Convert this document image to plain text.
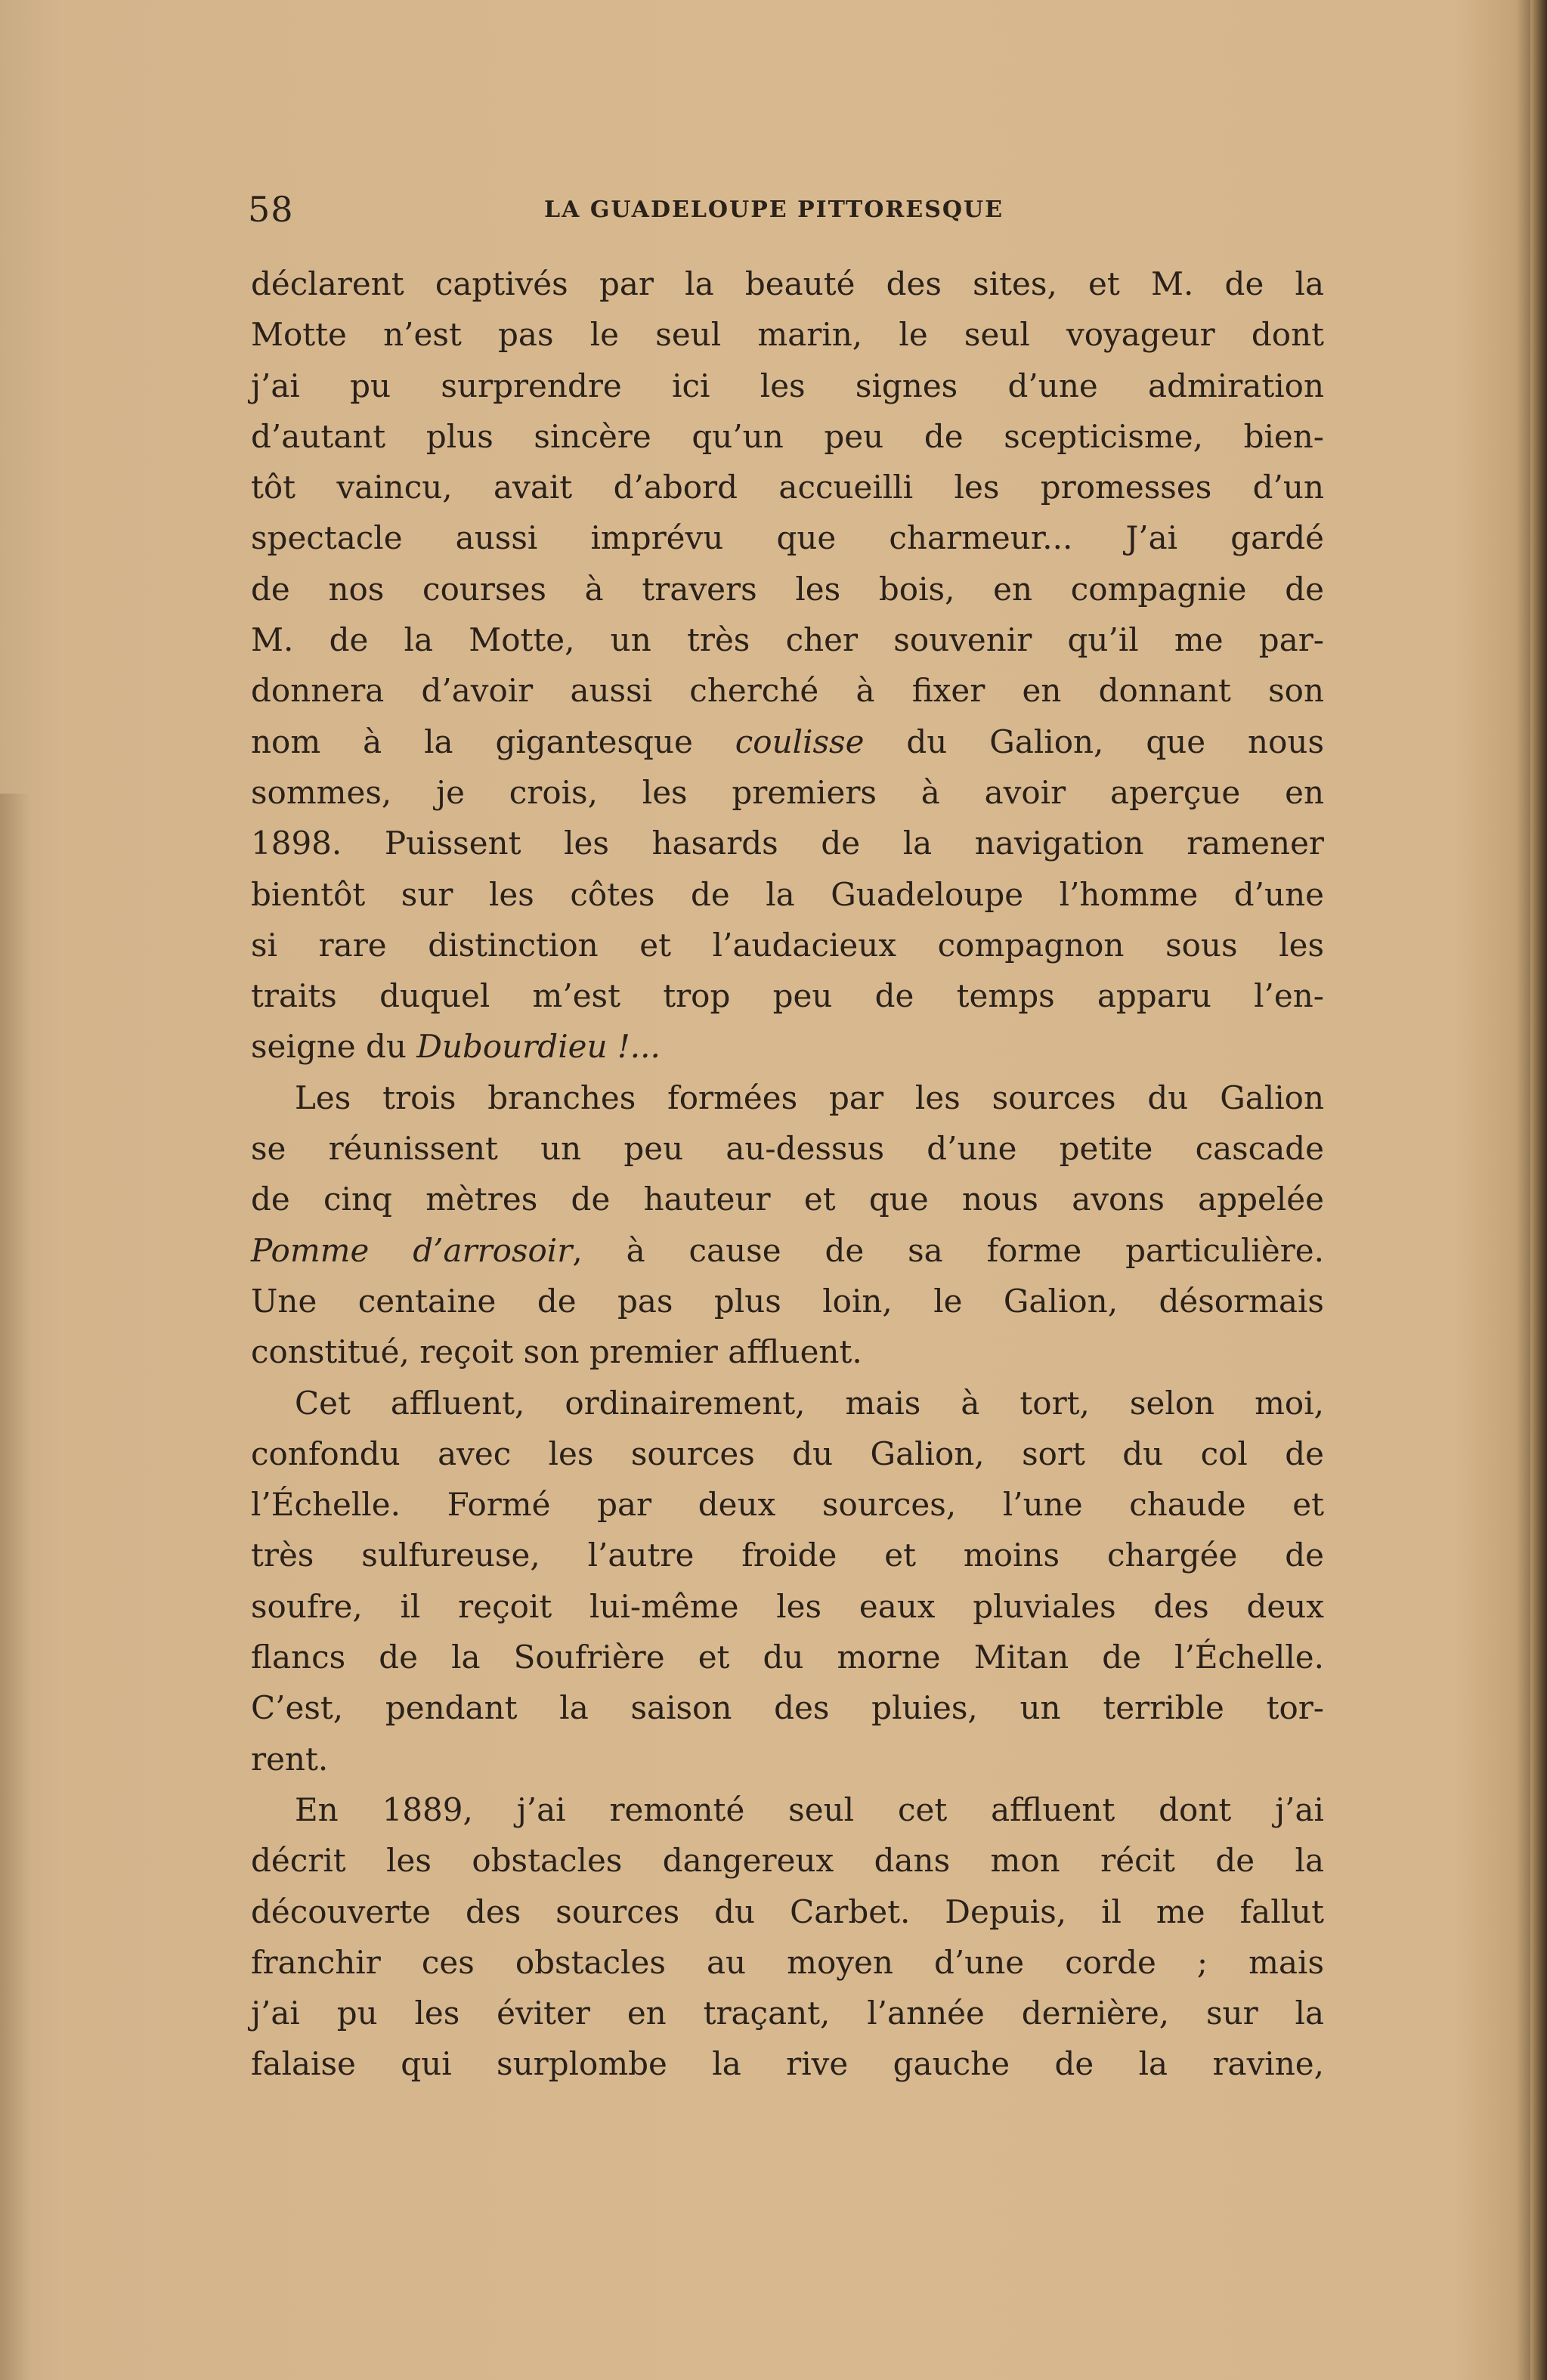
58	LA GUADELOUPE PITTORESQUE
déclarent captivés par la beauté des sites, et M. de la
Motte n’est pas le seul marin, le seul voyageur dont
j’ai pu surprendre ici les signes d’une admiration
d’autant plus sincère qu’un peu de scepticisme, bien-
tôt vaincu, avait d’abord accueilli les promesses d’un
spectacle aussi imprévu que charmeur... J’ai gardé
de nos courses à travers les bois, en compagnie de
M. de la Motte, un très cher souvenir qu’il me par-
donnera d’avoir aussi cherché à fixer en donnant son
nom à la gigantesque coulisse du Galion, que nous
sommes, je crois, les premiers à avoir aperçue en
1898. Puissent les hasards de la navigation ramener
bientôt sur les côtes de la Guadeloupe l’homme d’une
si rare distinction et l’audacieux compagnon sous les
traits duquel m’est trop peu de temps apparu l’en-
seigne du Dubourdieu !...
Les trois branches formées par les sources du Galion
se réunissent un peu au-dessus d’une petite cascade
de cinq mètres de hauteur et que nous avons appelée
Pomme d’arrosoir, à cause de sa forme particulière.
Une centaine de pas plus loin, le Galion, désormais
constitué, reçoit son premier affluent.
Cet affluent, ordinairement, mais à tort, selon moi,
confondu avec les sources du Galion, sort du col de
l’Échelle. Formé par deux sources, l’une chaude et
très sulfureuse, l’autre froide et moins chargée de
soufre, il reçoit lui-même les eaux pluviales des deux
flancs de la Soufrière et du morne Mitan de l’Échelle.
C’est, pendant la saison des pluies, un terrible tor-
rent.
En 1889, j’ai remonté seul cet affluent dont j’ai
décrit les obstacles dangereux dans mon récit de la
découverte des sources du Carbet. Depuis, il me fallut
franchir ces obstacles au moyen d’une corde ; mais
j’ai pu les éviter en traçant, l’année dernière, sur la
falaise qui surplombe la rive gauche de la ravine,
